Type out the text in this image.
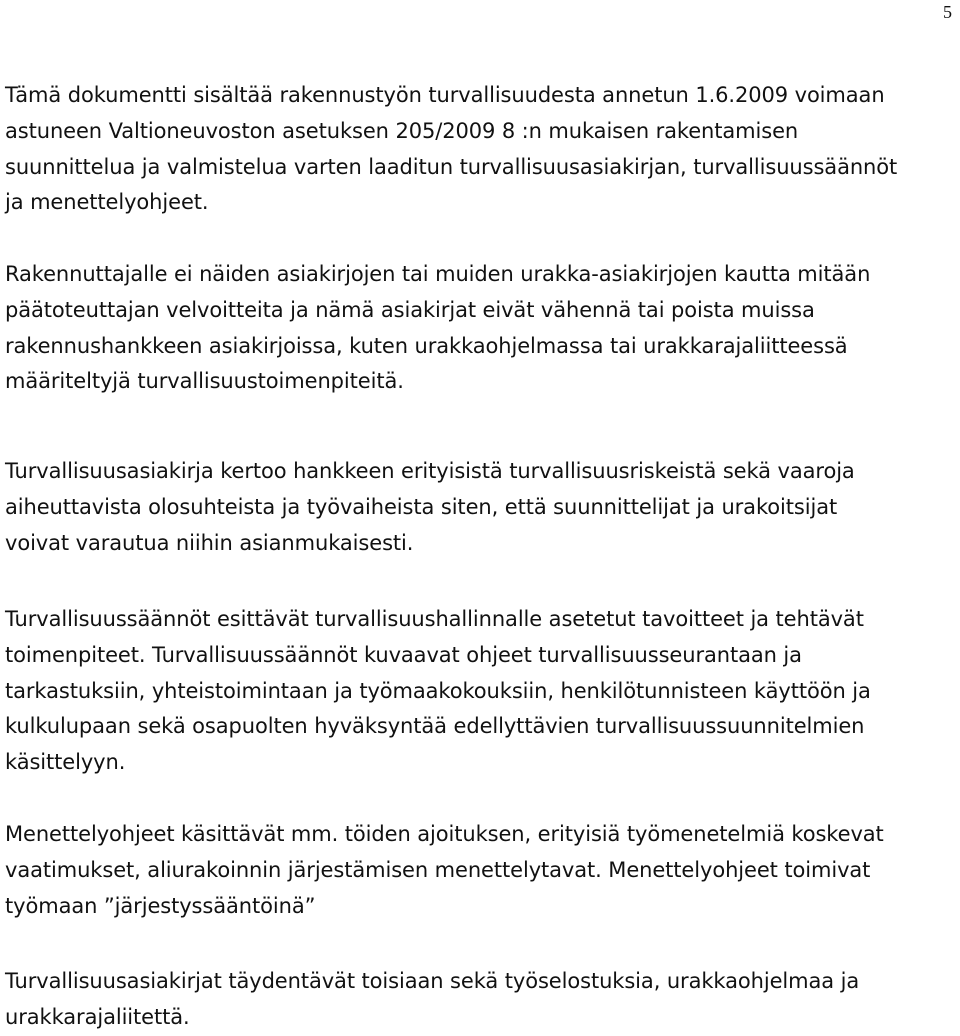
5

Tämä dokumentti sisältää rakennustyön turvallisuudesta annetun 1.6.2009 voimaan
astuneen Valtioneuvoston asetuksen 205/2009 8 :n mukaisen rakentamisen
suunnittelua ja valmistelua varten laaditun turvallisuusasiakirjan, turvallisuussäännöt
ja menettelyohjeet.

Rakennuttajalle ei näiden asiakirjojen tai muiden urakka-asiakirjojen kautta mitään
päätoteuttajan velvoitteita ja nämä asiakirjat eivät vähennä tai poista muissa
rakennushankkeen asiakirjoissa, kuten urakkaohjelmassa tai urakkarajaliitteessä
määriteltyjä turvallisuustoimenpiteitä.

Turvallisuusasiakirja kertoo hankkeen erityisistä turvallisuusriskeistä sekä vaaroja
aiheuttavista olosuhteista ja työvaiheista siten, että suunnittelijat ja urakoitsijat
voivat varautua niihin asianmukaisesti.

Turvallisuussäännöt esittävät turvallisuushallinnalle asetetut tavoitteet ja tehtävät
toimenpiteet. Turvallisuussäännöt kuvaavat ohjeet turvallisuusseurantaan ja
tarkastuksiin, yhteistoimintaan ja työmaakokouksiin, henkilötunnisteen käyttöön ja
kulkulupaan sekä osapuolten hyväksyntää edellyttävien turvallisuussuunnitelmien
käsittelyyn.

Menettelyohjeet käsittävät mm. töiden ajoituksen, erityisiä työmenetelmiä koskevat
vaatimukset, aliurakoinnin järjestämisen menettelytavat. Menettelyohjeet toimivat
työmaan ”järjestyssääntöinä”

Turvallisuusasiakirjat täydentävät toisiaan sekä työselostuksia, urakkaohjelmaa ja
urakkarajaliitettä.
